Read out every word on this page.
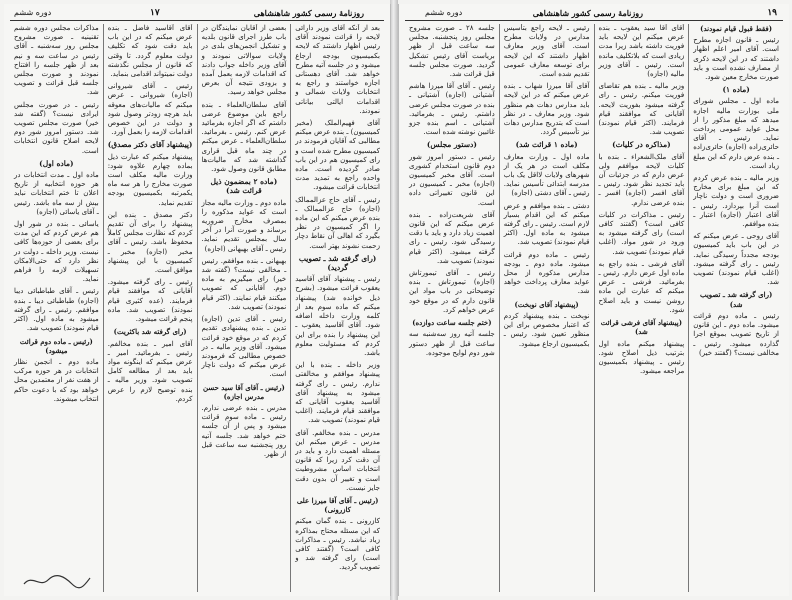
١٧	روزنامهٔ رسمی کشور شاهنشاهی
دوره ششم

بعد از آنکه آقای وزیر دارائی لایحه را قرائت نمودند آقای رئیس اظهار داشتند که لایحه بکمیسیون بودجه ارجاع میشود و در جلسه آتیه مطرح خواهد شد. آقای دهستانی اجازه خواستند و راجع به انتخابات ولایات شمالی و اقدامات ایالتی بیاناتی نمودند.

آقای فهیم‌الملک (مخبر کمیسیون) ـ بنده عرض میکنم مطالبی که آقایان فرمودند در کمیسیون مطرح شده است و رای کمیسیون هم در این باب صادر گردیده است. ماده واحده راجع به تمدید مدت انتخابات قرائت میشود.

رئیس ـ آقای حاج عزالممالک (اجازه) حاج عزالممالک ـ بنده عرض میکنم که این ماده را اگر کمیسیون در نظر بگیرد که اهالی آن نقاط دچار زحمت نشوند بهتر است.

(رای گرفته شد ـ تصویب گردید)

رئیس ـ پیشنهاد آقای آقاسید یعقوب قرائت میشود. (بشرح ذیل خوانده شد) پیشنهاد میکنم که ماده سوم بعد از کلمه وزارت داخله اضافه شود. آقای آقاسید یعقوب ـ این پیشنهاد را بنده برای این کردم که مسئولیت معلوم باشد.

وزیر داخله ـ بنده با این پیشنهاد موافقم و مخالفتی ندارم. رئیس ـ رای گرفته میشود به پیشنهاد آقای آقاسید یعقوب آقایانی که موافقند قیام فرمایند. (اغلب قیام نمودند) تصویب شد.

مدرس ـ بنده مخالفم. آقای مدرس ـ عرض میکنم این مسئله اهمیت دارد و باید در آن دقت کرد زیرا که قانون انتخابات اساس مشروطیت است و تغییر آن بدون دقت جایز نیست.

(رئیس ـ آقای آقا میرزا علی کازرونی)

کازرونی ـ بنده گمان میکنم که این مسئله محتاج بمذاکره زیاد نباشد. رئیس ـ مذاکرات کافی است؟ (گفتند کافی است) رای گرفته شد و تصویب گردید.

بعضی از آقایان نمایندگان در باب طرز اجرای قانون بلدیه و تشکیل انجمن‌های بلدی در ولایات سوالاتی نمودند و آقای وزیر داخله جواب دادند که اقدامات لازمه بعمل آمده و بزودی نتیجه آن بعرض مجلس خواهد رسید.

آقای سلطان‌العلماء ـ بنده راجع باین موضوع عرضی داشتم که اگر اجازه بفرمائید عرض کنم. رئیس ـ بفرمائید. سلطان‌العلماء ـ عرض میکنم در چند ماه قبل قراری گذاشته شد که مالیات‌ها مطابق قانون وصول شود.

(ماده ۲ بمضمون ذیل قرائت شد)

ماده دوم ـ وزارت مالیه مجاز است که عواید مذکوره را بمصرف مخارج ضروریه برساند و صورت آنرا در آخر سال بمجلس تقدیم نماید. رئیس ـ آقای بهبهانی (اجازه)

بهبهانی ـ بنده موافقم. رئیس ـ مخالفی نیست؟ (گفته شد خیر) رای میگیریم به ماده دوم. آقایانی که تصویب میکنند قیام نمایند. (اکثر قیام نمودند) تصویب شد.

رئیس ـ آقای تدین (اجازه) تدین ـ بنده پیشنهادی تقدیم کردم که در موقع خود قرائت میشود. آقای وزیر مالیه ـ در خصوص مطالبی که فرمودند عرض میکنم که دولت ناچار است.

(رئیس ـ آقای آقا سید حسن مدرس اجازه)

مدرس ـ بنده عرضی ندارم. رئیس ـ ماده سوم قرائت میشود و پس از آن جلسه ختم خواهد شد. جلسه آتیه روز پنجشنبه سه ساعت قبل از ظهر.

آقای آقاسید فاضل ـ بنده عرض میکنم که در این باب باید دقت شود که تکلیف دولت معلوم گردد. تا وقتی که قانون از مجلس نگذشته دولت نمیتواند اقدامی بنماید.

رئیس ـ آقای شیروانی (اجازه) شیروانی ـ عرض میکنم که مالیات‌های معوقه باید هرچه زودتر وصول شود و دولت در این خصوص اقدامات لازمه را بعمل آورد.

(پیشنهاد آقای دکتر مصدق)

پیشنهاد میکنم که عبارت ذیل بماده چهارم علاوه شود: وزارت مالیه مکلف است صورت مخارج را هر سه ماه یکمرتبه بکمیسیون بودجه تقدیم نماید.

دکتر مصدق ـ بنده این پیشنهاد را برای آن تقدیم کردم که نظارت مجلس کاملاً محفوظ باشد. رئیس ـ آقای مخبر (اجازه) مخبر ـ کمیسیون با این پیشنهاد موافق است.

رئیس ـ رای گرفته میشود. آقایانی که موافقند قیام فرمایند. (عده کثیری قیام نمودند) تصویب شد. ماده پنجم قرائت میشود.

(رای گرفته شد باکثریت)

آقای امیر ـ بنده مخالفم. رئیس ـ بفرمائید. امیر ـ عرض میکنم که اینگونه مواد باید بعد از مطالعه کامل تصویب شود. وزیر مالیه ـ بنده توضیح لازم را عرض کردم.

مذاکرات مجلس دوره ششم تقنینیه ـ صورت مشروح مجلس روز سه‌شنبه ـ آقای رئیس در ساعت سه و نیم بعد از ظهر جلسه را افتتاح نمودند و صورت مجلس جلسه قبل قرائت و تصویب شد.

رئیس ـ در صورت مجلس ایرادی نیست؟ (گفته شد خیر) صورت مجلس تصویب شد. دستور امروز شور دوم لایحه اصلاح قانون انتخابات است.

(ماده اول)

ماده اول ـ مدت انتخابات در هر حوزه انتخابیه از تاریخ اعلان تا ختم انتخابات نباید بیش از سه ماه باشد. رئیس ـ آقای یاسائی (اجازه)

یاسائی ـ بنده در شور اول هم عرض کردم که این مدت برای بعضی از حوزه‌ها کافی نیست. وزیر داخله ـ دولت در نظر دارد که حتی‌الامکان تسهیلات لازمه را فراهم نماید.

رئیس ـ آقای طباطبائی دیبا (اجازه) طباطبائی دیبا ـ بنده موافقم. رئیس ـ رای گرفته میشود به ماده اول. (اکثر قیام نمودند) تصویب شد.

(رئیس ـ ماده دوم قرائت میشود)

ماده دوم ـ انجمن نظار انتخابات در هر حوزه مرکب از هفت نفر از معتمدین محل خواهد بود که با دعوت حاکم انتخاب میشوند.

١٩
روزنامهٔ رسمی کشور شاهنشاهی
دوره ششم

(فقط قبول قیام نمودند)

رئیس ـ قانون اجازه مطرح است. آقای امیر اعلم اظهار داشتند که در این لایحه ذکری از مصارف نشده است و باید صورت مخارج معین شود.

(ماده ۱)

ماده اول ـ مجلس شورای ملی بوزارت مالیه اجازه میدهد که مبلغ مذکور را از محل عواید عمومی پرداخت نماید. رئیس ـ آقای حائری‌زاده (اجازه) حائری‌زاده ـ بنده عرض دارم که این مبلغ زیاد است.

وزیر مالیه ـ بنده عرض کردم که این مبلغ برای مخارج ضروری است و دولت ناچار است آنرا بپردازد. رئیس ـ آقای اعتبار (اجازه) اعتبار ـ بنده موافقم.

آقای روحی ـ عرض میکنم که در این باب باید کمیسیون بودجه مجدداً رسیدگی نماید. رئیس ـ رای گرفته میشود. (اغلب قیام نمودند) تصویب شد.

(رای گرفته شد ـ تصویب شد)

رئیس ـ ماده دوم قرائت میشود. ماده دوم ـ این قانون از تاریخ تصویب بموقع اجرا گذارده میشود. رئیس ـ مخالفی نیست؟ (گفتند خیر)

آقای آقا سید یعقوب ـ بنده عرض میکنم این لایحه باید فوریت داشته باشد زیرا مدت زیادی است که بلاتکلیف مانده است. رئیس ـ آقای وزیر مالیه (اجازه)

وزیر مالیه ـ بنده هم تقاضای فوریت میکنم. رئیس ـ رای گرفته میشود بفوریت لایحه. آقایانی که موافقند قیام فرمایند. (اکثر قیام نمودند) تصویب شد.

(مذاکره در کلیات)

آقای ملک‌الشعراء ـ بنده با کلیات لایحه موافقم ولی عرض دارم که در جزئیات آن باید تجدید نظر شود. رئیس ـ آقای افسر (اجازه) افسر ـ بنده عرضی ندارم.

رئیس ـ مذاکرات در کلیات کافی است؟ (گفتند کافی است) رای گرفته میشود به ورود در شور مواد. (اغلب قیام نمودند) تصویب شد.

آقای فرشی ـ بنده راجع به ماده اول عرض دارم. رئیس ـ بفرمائید. فرشی ـ عرض میکنم که عبارت این ماده روشن نیست و باید اصلاح شود.

(پیشنهاد آقای فرشی قرائت شد)

پیشنهاد میکنم ماده اول بترتیب ذیل اصلاح شود. رئیس ـ پیشنهاد بکمیسیون مراجعه میشود.

رئیس ـ لایحه راجع بتأسیس مدارس در ولایات مطرح است. آقای وزیر معارف اظهار داشتند که این لایحه برای توسعه معارف عمومی تقدیم شده است.

آقای آقا میرزا شهاب ـ بنده عرض میکنم که در این لایحه باید مدارس دهات هم منظور شود. وزیر معارف ـ در نظر است که بتدریج مدارس دهات نیز تأسیس گردد.

(ماده ۱ قرائت شد)

ماده اول ـ وزارت معارف مکلف است در هر یک از شهرهای ولایات لااقل یک باب مدرسه ابتدائی تأسیس نماید. رئیس ـ آقای دشتی (اجازه)

دشتی ـ بنده موافقم و عرض میکنم که این اقدام بسیار لازم است. رئیس ـ رای گرفته میشود به ماده اول. (اکثر قیام نمودند) تصویب شد.

رئیس ـ ماده دوم قرائت میشود. ماده دوم ـ بودجه مدارس مذکوره از محل عواید معارف پرداخت خواهد شد.

(پیشنهاد آقای نوبخت)

نوبخت ـ بنده پیشنهاد کردم که اعتبار مخصوص برای این منظور تعیین شود. رئیس ـ بکمیسیون ارجاع میشود.

جلسه ۲۸ ـ صورت مشروح مجلس روز پنجشنبه. مجلس سه ساعت قبل از ظهر بریاست آقای رئیس تشکیل گردید. صورت مجلس جلسه قبل قرائت شد.

رئیس ـ آقای آقا میرزا هاشم آشتیانی (اجازه) آشتیانی ـ بنده در صورت مجلس عرضی داشتم. رئیس ـ بفرمائید. آشتیانی ـ اسم بنده جزو غائبین نوشته شده است.

(دستور مجلس)

رئیس ـ دستور امروز شور دوم قانون استخدام کشوری است. آقای مخبر کمیسیون (اجازه) مخبر ـ کمیسیون در این قانون تغییراتی داده است.

آقای شریعت‌زاده ـ بنده عرض میکنم که این قانون اهمیت زیاد دارد و باید با دقت رسیدگی شود. رئیس ـ رای گرفته میشود. (اکثر قیام نمودند) تصویب شد.

رئیس ـ آقای تیمورتاش (اجازه) تیمورتاش ـ بنده توضیحاتی در باب مواد این قانون دارم که در موقع خود عرض خواهم کرد.

(ختم جلسه ساعت دوازده)

جلسه آتیه روز سه‌شنبه سه ساعت قبل از ظهر دستور شور دوم لوایح موجوده.
